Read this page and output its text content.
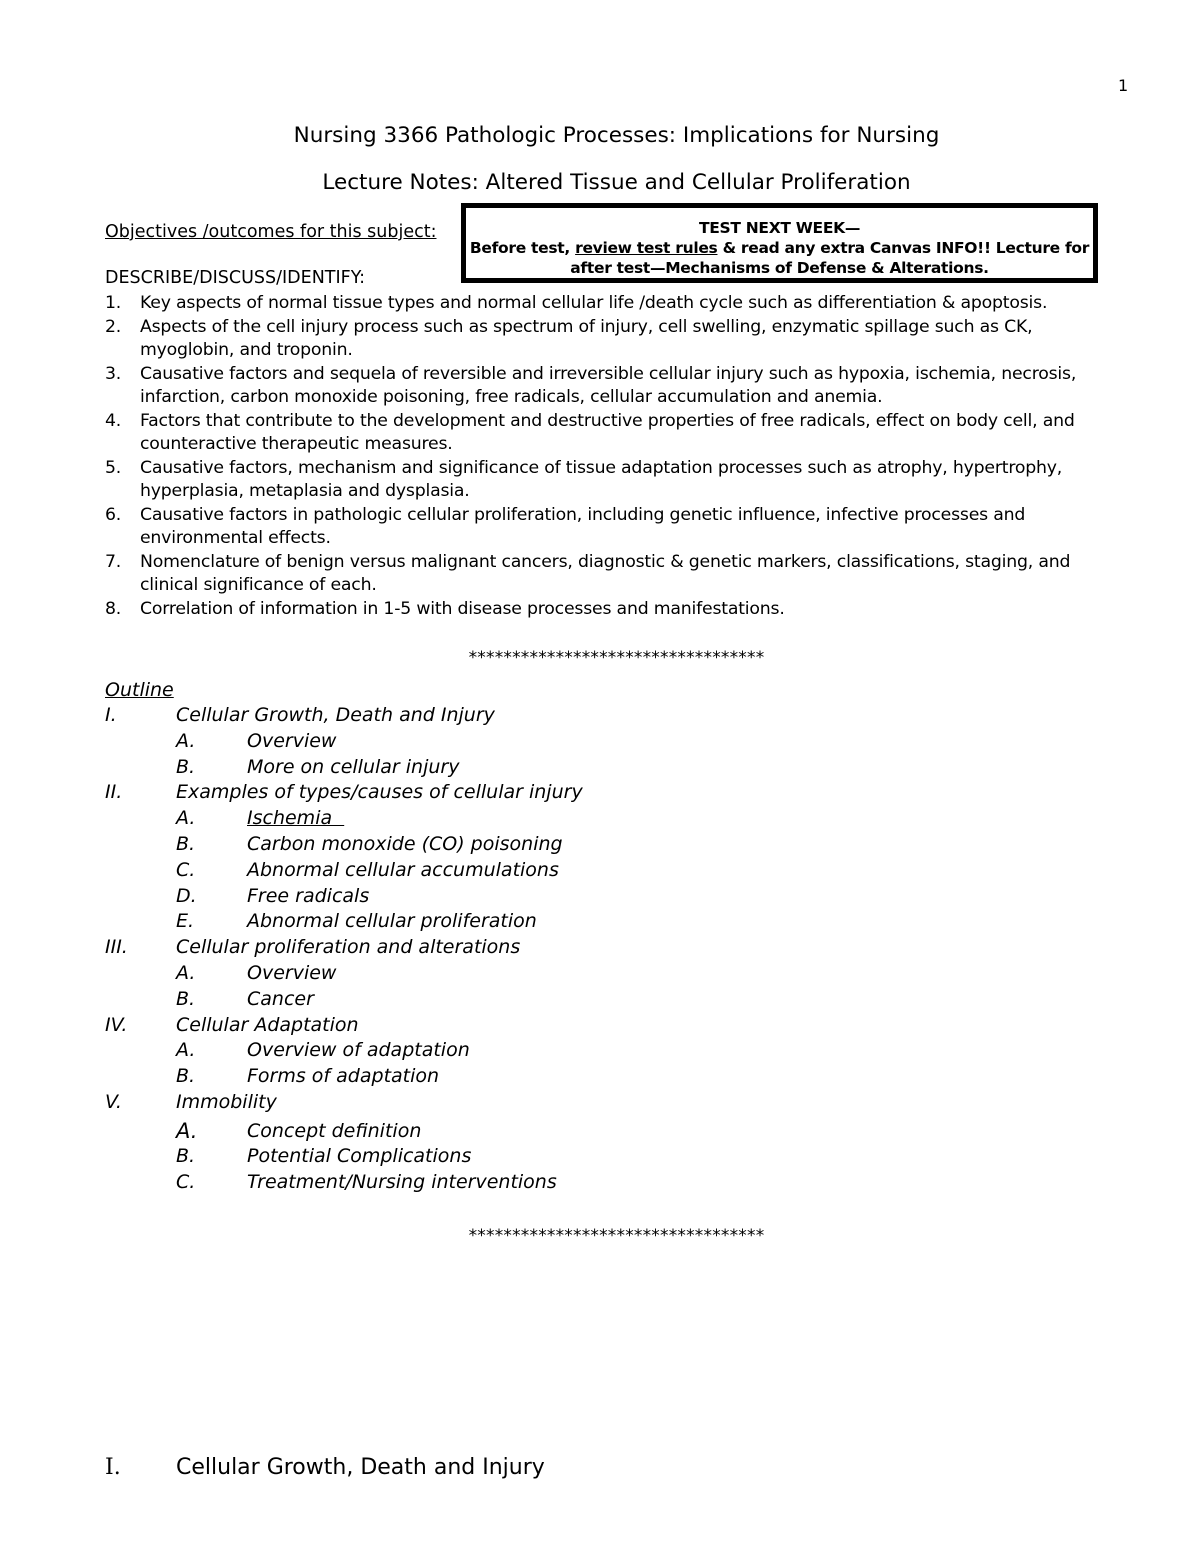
1
Nursing 3366 Pathologic Processes: Implications for Nursing
Lecture Notes: Altered Tissue and Cellular Proliferation
Objectives /outcomes for this subject:	TEST NEXT WEEK—
Before test, review test rules & read any extra Canvas INFO!! Lecture for
after test—Mechanisms of Defense & Alterations.
DESCRIBE/DISCUSS/IDENTIFY:
1. Key aspects of normal tissue types and normal cellular life /death cycle such as differentiation & apoptosis.
2. Aspects of the cell injury process such as spectrum of injury, cell swelling, enzymatic spillage such as CK, myoglobin, and troponin.
3. Causative factors and sequela of reversible and irreversible cellular injury such as hypoxia, ischemia, necrosis, infarction, carbon monoxide poisoning, free radicals, cellular accumulation and anemia.
4. Factors that contribute to the development and destructive properties of free radicals, effect on body cell, and counteractive therapeutic measures.
5. Causative factors, mechanism and significance of tissue adaptation processes such as atrophy, hypertrophy, hyperplasia, metaplasia and dysplasia.
6. Causative factors in pathologic cellular proliferation, including genetic influence, infective processes and environmental effects.
7. Nomenclature of benign versus malignant cancers, diagnostic & genetic markers, classifications, staging, and clinical significance of each.
8. Correlation of information in 1-5 with disease processes and manifestations.
**********************************
Outline
I.	Cellular Growth, Death and Injury
A.	Overview
B.	More on cellular injury
II.	Examples of types/causes of cellular injury
A.	Ischemia
B.	Carbon monoxide (CO) poisoning
C.	Abnormal cellular accumulations
D.	Free radicals
E.	Abnormal cellular proliferation
III.	Cellular proliferation and alterations
A.	Overview
B.	Cancer
IV.	Cellular Adaptation
A.	Overview of adaptation
B.	Forms of adaptation
V.	Immobility
A.	Concept definition
B.	Potential Complications
C.	Treatment/Nursing interventions
**********************************
I.	Cellular Growth, Death and Injury
